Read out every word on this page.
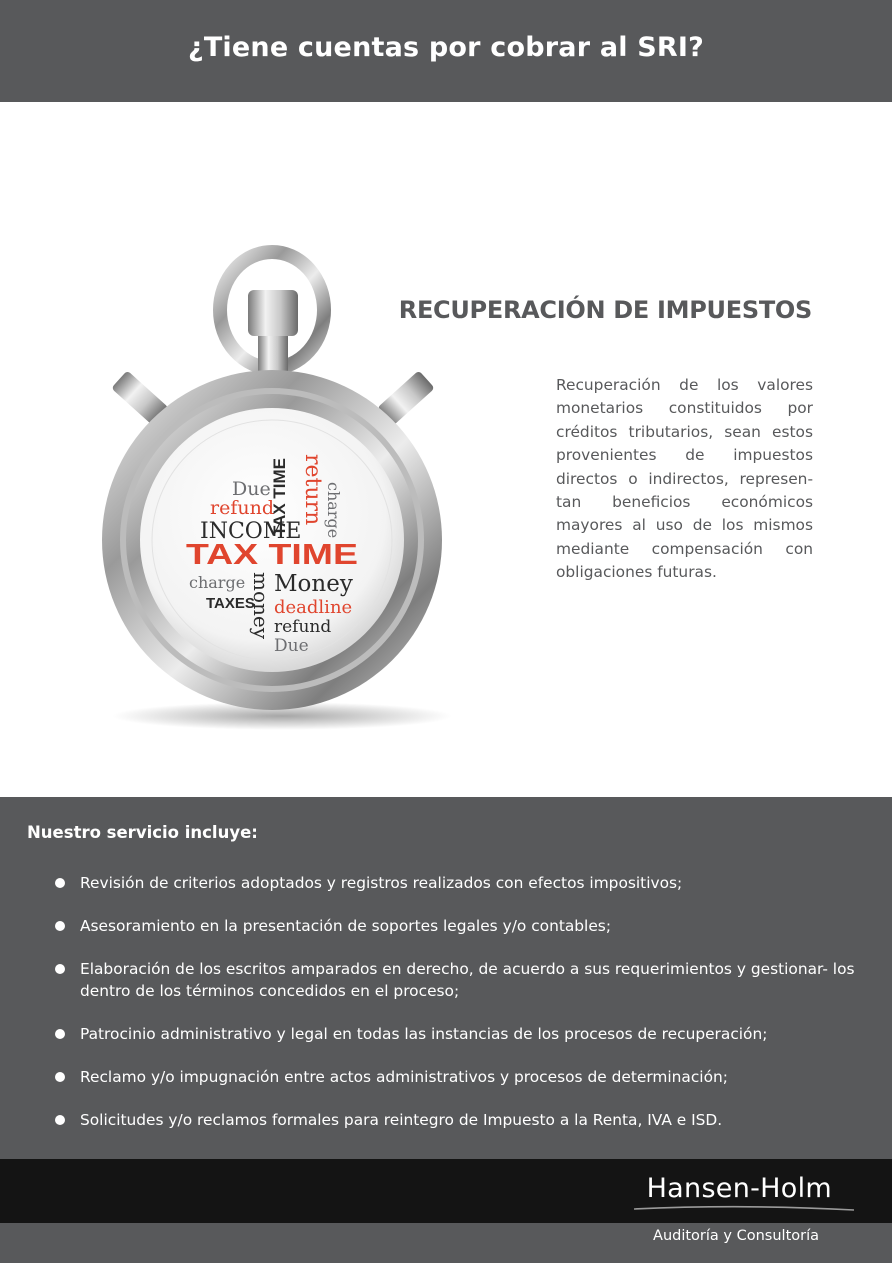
¿Tiene cuentas por cobrar al SRI?
Due
refund
INCOME
charge Money
deadline
refund
Due
return charge
money
TAX TIME
TAXES
TAX TIME
RECUPERACIÓN DE IMPUESTOS
Recuperación de los valores monetarios constituidos por créditos tributarios, sean estos provenientes de impuestos directos o indirectos, representan beneficios económicos mayores al uso de los mismos mediante compensación con obligaciones futuras.
Nuestro servicio incluye:
Revisión de criterios adoptados y registros realizados con efectos impositivos;
Asesoramiento en la presentación de soportes legales y/o contables;
Elaboración de los escritos amparados en derecho, de acuerdo a sus requerimientos y gestionar- los dentro de los términos concedidos en el proceso;
Patrocinio administrativo y legal en todas las instancias de los procesos de recuperación;
Reclamo y/o impugnación entre actos administrativos y procesos de determinación;
Solicitudes y/o reclamos formales para reintegro de Impuesto a la Renta, IVA e ISD.
Hansen-Holm
Auditoría y Consultoría
